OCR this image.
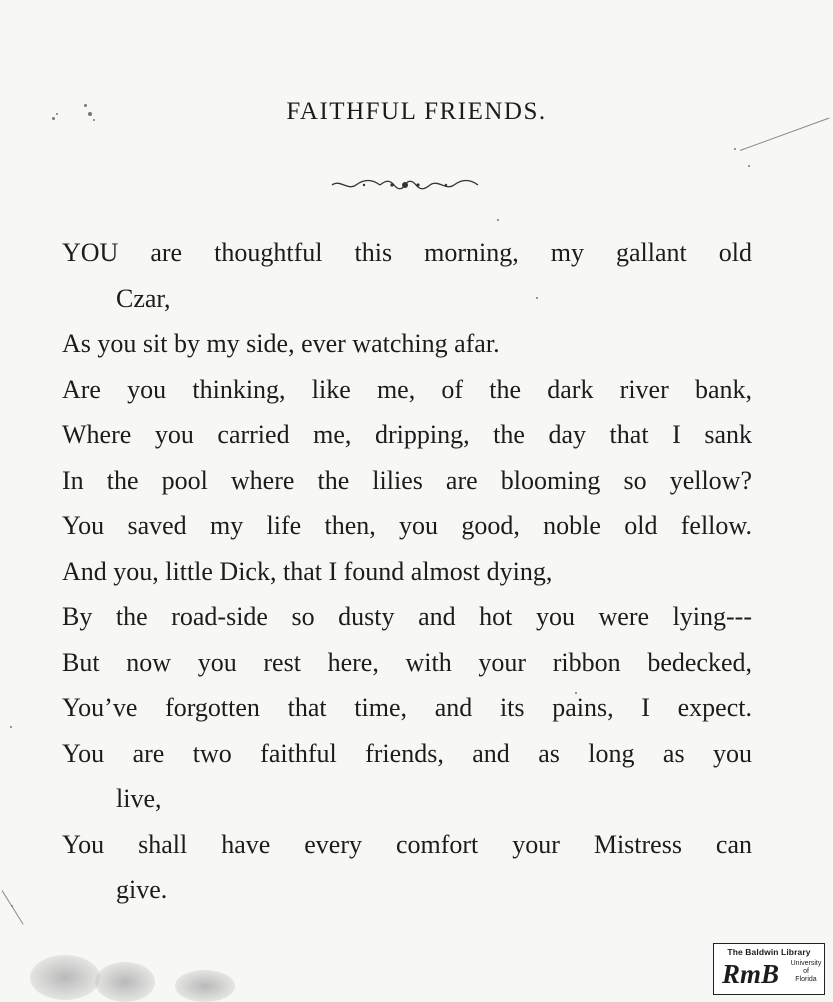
FAITHFUL FRIENDS.
YOU are thoughtful this morning, my gallant old
Czar,
As you sit by my side, ever watching afar.
Are you thinking, like me, of the dark river bank,
Where you carried me, dripping, the day that I sank
In the pool where the lilies are blooming so yellow?
You saved my life then, you good, noble old fellow.
And you, little Dick, that I found almost dying,
By the road-side so dusty and hot you were lying---
But now you rest here, with your ribbon bedecked,
You’ve forgotten that time, and its pains, I expect.
You are two faithful friends, and as long as you
live,
You shall have every comfort your Mistress can
give.
The Baldwin Library
RmB	University
of
Florida
